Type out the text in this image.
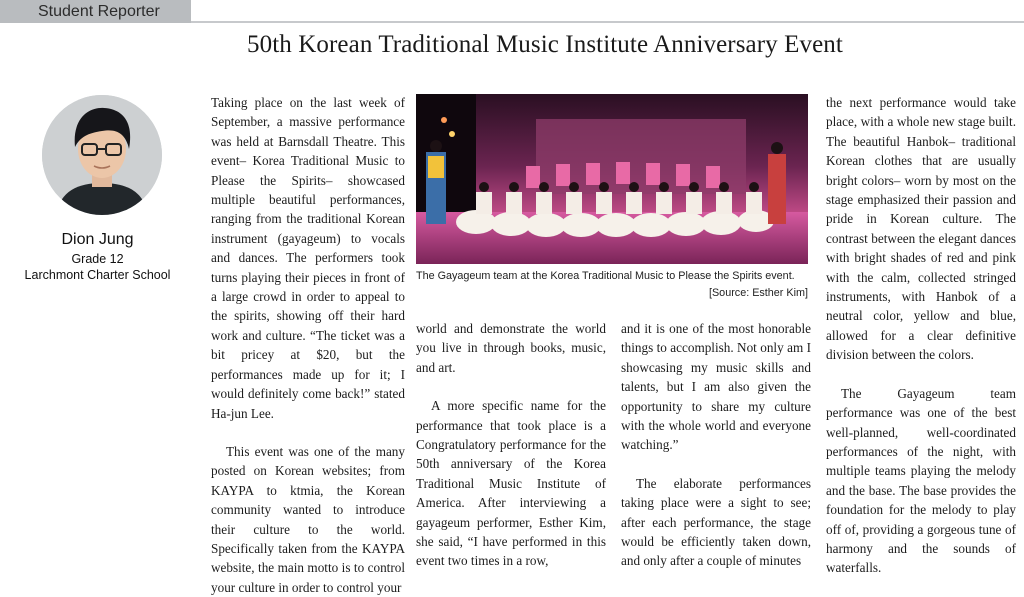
Student Reporter
50th Korean Traditional Music Institute Anniversary Event
Dion Jung
Grade 12
Larchmont Charter School

Taking place on the last week of September, a massive performance was held at Barnsdall Theatre. This event– Korea Traditional Music to Please the Spirits– showcased multiple beautiful performances, ranging from the traditional Korean instrument (gayageum) to vocals and dances. The performers took turns playing their pieces in front of a large crowd in order to appeal to the spirits, showing off their hard work and culture. “The ticket was a bit pricey at $20, but the performances made up for it; I would definitely come back!” stated Ha-jun Lee.

This event was one of the many posted on Korean websites; from KAYPA to ktmia, the Korean community wanted to introduce their culture to the world. Specifically taken from the KAYPA website, the main motto is to control your culture in order to control your

The Gayageum team at the Korea Traditional Music to Please the Spirits event.
[Source: Esther Kim]

world and demonstrate the world you live in through books, music, and art.

A more specific name for the performance that took place is a Congratulatory performance for the 50th anniversary of the Korea Traditional Music Institute of America. After interviewing a gayageum performer, Esther Kim, she said, “I have performed in this event two times in a row,

and it is one of the most honorable things to accomplish. Not only am I showcasing my music skills and talents, but I am also given the opportunity to share my culture with the whole world and everyone watching.”

The elaborate performances taking place were a sight to see; after each performance, the stage would be efficiently taken down, and only after a couple of minutes

the next performance would take place, with a whole new stage built. The beautiful Hanbok– traditional Korean clothes that are usually bright colors– worn by most on the stage emphasized their passion and pride in Korean culture. The contrast between the elegant dances with bright shades of red and pink with the calm, collected stringed instruments, with Hanbok of a neutral color, yellow and blue, allowed for a clear definitive division between the colors.

The Gayageum team performance was one of the best well-planned, well-coordinated performances of the night, with multiple teams playing the melody and the base. The base provides the foundation for the melody to play off of, providing a gorgeous tune of harmony and the sounds of waterfalls.
